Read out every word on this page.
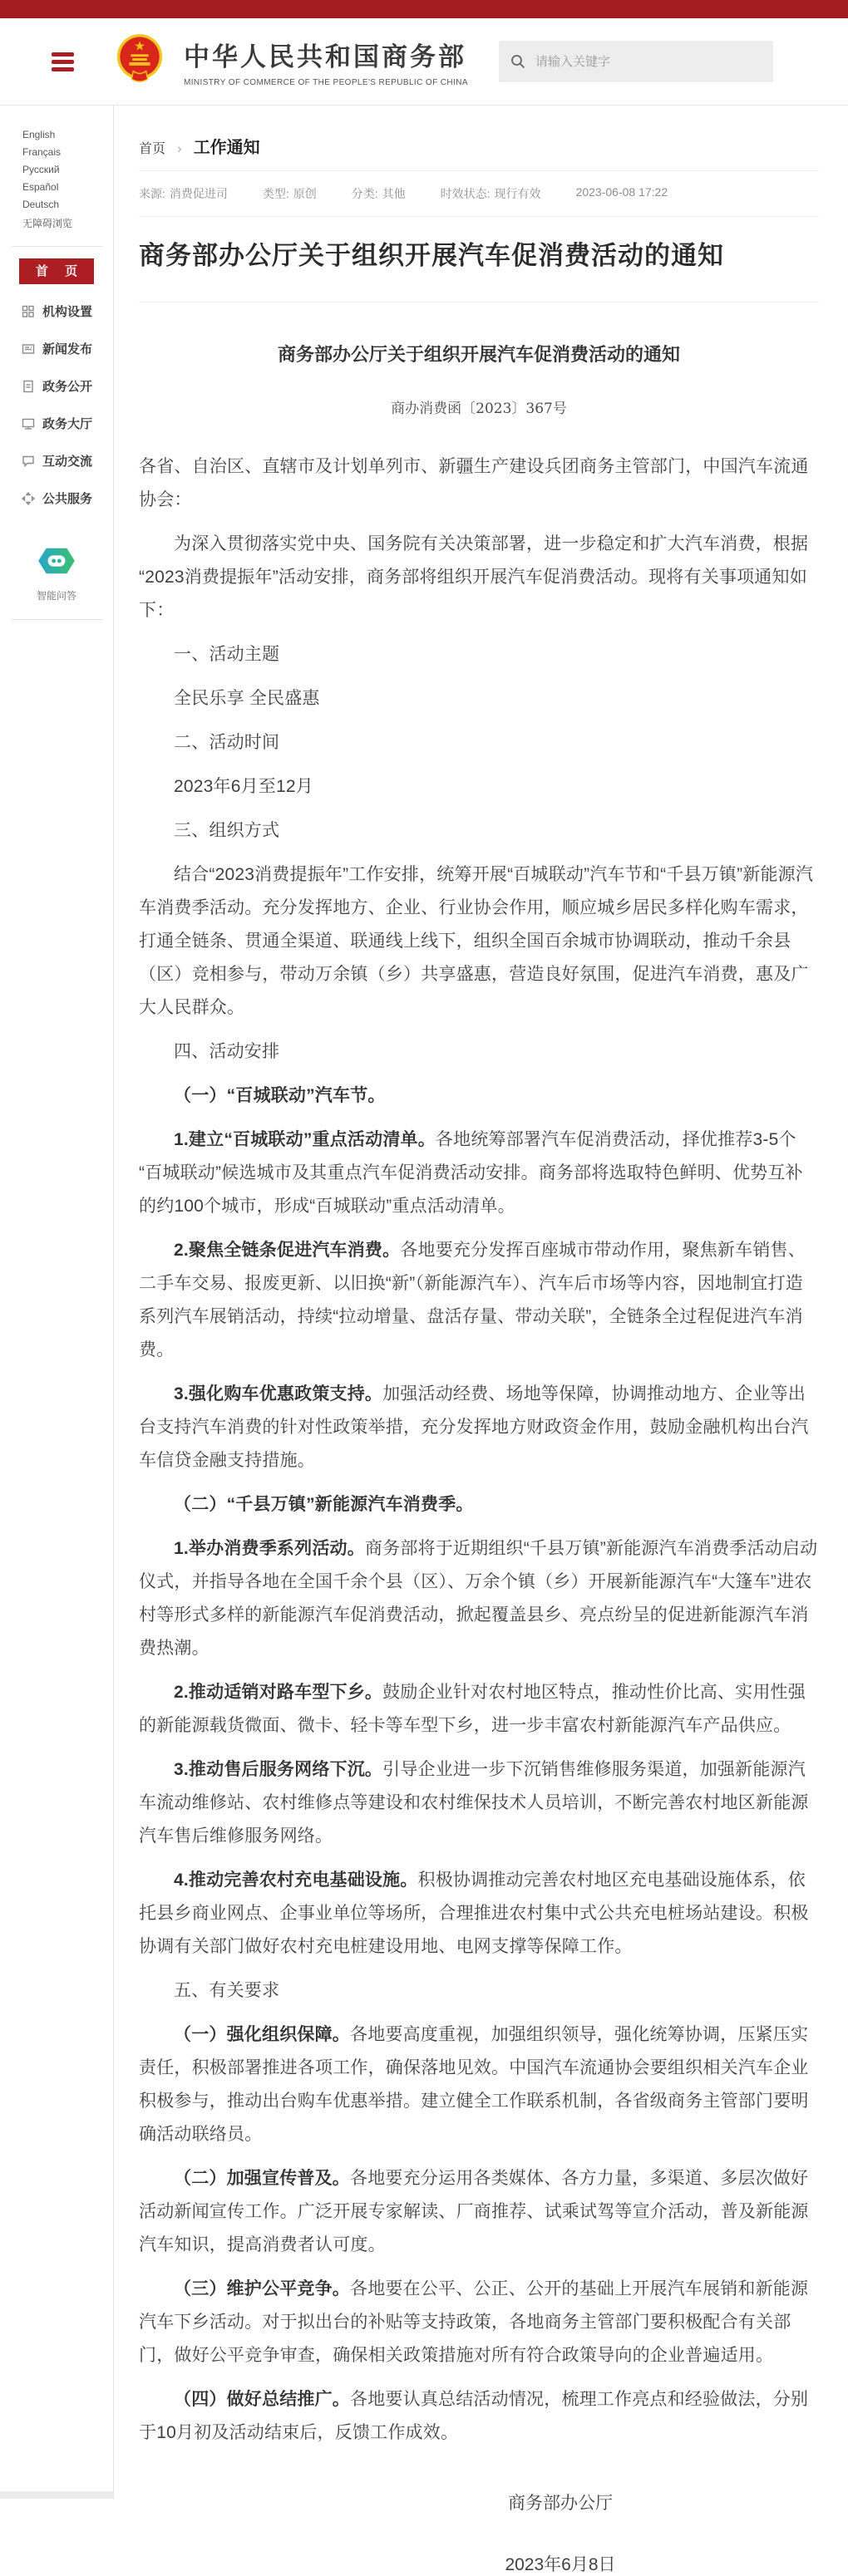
★ 中华人民共和国商务部
MINISTRY OF COMMERCE OF THE PEOPLE'S REPUBLIC OF CHINA
请输入关键字
English
Français
Русский
Español
Deutsch
无障碍浏览
首 页
机构设置
新闻发布
政务公开
政务大厅
互动交流
公共服务
智能问答
首页 › 工作通知
来源: 消费促进司	类型: 原创	分类: 其他	时效状态: 现行有效	2023-06-08 17:22
商务部办公厅关于组织开展汽车促消费活动的通知
商务部办公厅关于组织开展汽车促消费活动的通知
商办消费函〔2023〕367号

各省、自治区、直辖市及计划单列市、新疆生产建设兵团商务主管部门，中国汽车流通协会：

为深入贯彻落实党中央、国务院有关决策部署，进一步稳定和扩大汽车消费，根据“2023消费提振年”活动安排，商务部将组织开展汽车促消费活动。现将有关事项通知如下：

一、活动主题

全民乐享 全民盛惠

二、活动时间

2023年6月至12月

三、组织方式

结合“2023消费提振年”工作安排，统筹开展“百城联动”汽车节和“千县万镇”新能源汽车消费季活动。充分发挥地方、企业、行业协会作用，顺应城乡居民多样化购车需求，打通全链条、贯通全渠道、联通线上线下，组织全国百余城市协调联动，推动千余县（区）竞相参与，带动万余镇（乡）共享盛惠，营造良好氛围，促进汽车消费，惠及广大人民群众。

四、活动安排

（一）“百城联动”汽车节。

1.建立“百城联动”重点活动清单。各地统筹部署汽车促消费活动，择优推荐3-5个“百城联动”候选城市及其重点汽车促消费活动安排。商务部将选取特色鲜明、优势互补的约100个城市，形成“百城联动”重点活动清单。

2.聚焦全链条促进汽车消费。各地要充分发挥百座城市带动作用，聚焦新车销售、二手车交易、报废更新、以旧换“新”（新能源汽车）、汽车后市场等内容，因地制宜打造系列汽车展销活动，持续“拉动增量、盘活存量、带动关联”，全链条全过程促进汽车消费。

3.强化购车优惠政策支持。加强活动经费、场地等保障，协调推动地方、企业等出台支持汽车消费的针对性政策举措，充分发挥地方财政资金作用，鼓励金融机构出台汽车信贷金融支持措施。

（二）“千县万镇”新能源汽车消费季。

1.举办消费季系列活动。商务部将于近期组织“千县万镇”新能源汽车消费季活动启动仪式，并指导各地在全国千余个县（区）、万余个镇（乡）开展新能源汽车“大篷车”进农村等形式多样的新能源汽车促消费活动，掀起覆盖县乡、亮点纷呈的促进新能源汽车消费热潮。

2.推动适销对路车型下乡。鼓励企业针对农村地区特点，推动性价比高、实用性强的新能源载货微面、微卡、轻卡等车型下乡，进一步丰富农村新能源汽车产品供应。

3.推动售后服务网络下沉。引导企业进一步下沉销售维修服务渠道，加强新能源汽车流动维修站、农村维修点等建设和农村维保技术人员培训，不断完善农村地区新能源汽车售后维修服务网络。

4.推动完善农村充电基础设施。积极协调推动完善农村地区充电基础设施体系，依托县乡商业网点、企事业单位等场所，合理推进农村集中式公共充电桩场站建设。积极协调有关部门做好农村充电桩建设用地、电网支撑等保障工作。

五、有关要求

（一）强化组织保障。各地要高度重视，加强组织领导，强化统筹协调，压紧压实责任，积极部署推进各项工作，确保落地见效。中国汽车流通协会要组织相关汽车企业积极参与，推动出台购车优惠举措。建立健全工作联系机制，各省级商务主管部门要明确活动联络员。

（二）加强宣传普及。各地要充分运用各类媒体、各方力量，多渠道、多层次做好活动新闻宣传工作。广泛开展专家解读、厂商推荐、试乘试驾等宣介活动，普及新能源汽车知识，提高消费者认可度。

（三）维护公平竞争。各地要在公平、公正、公开的基础上开展汽车展销和新能源汽车下乡活动。对于拟出台的补贴等支持政策，各地商务主管部门要积极配合有关部门，做好公平竞争审查，确保相关政策措施对所有符合政策导向的企业普遍适用。

（四）做好总结推广。各地要认真总结活动情况，梳理工作亮点和经验做法，分别于10月初及活动结束后，反馈工作成效。

商务部办公厅

2023年6月8日
